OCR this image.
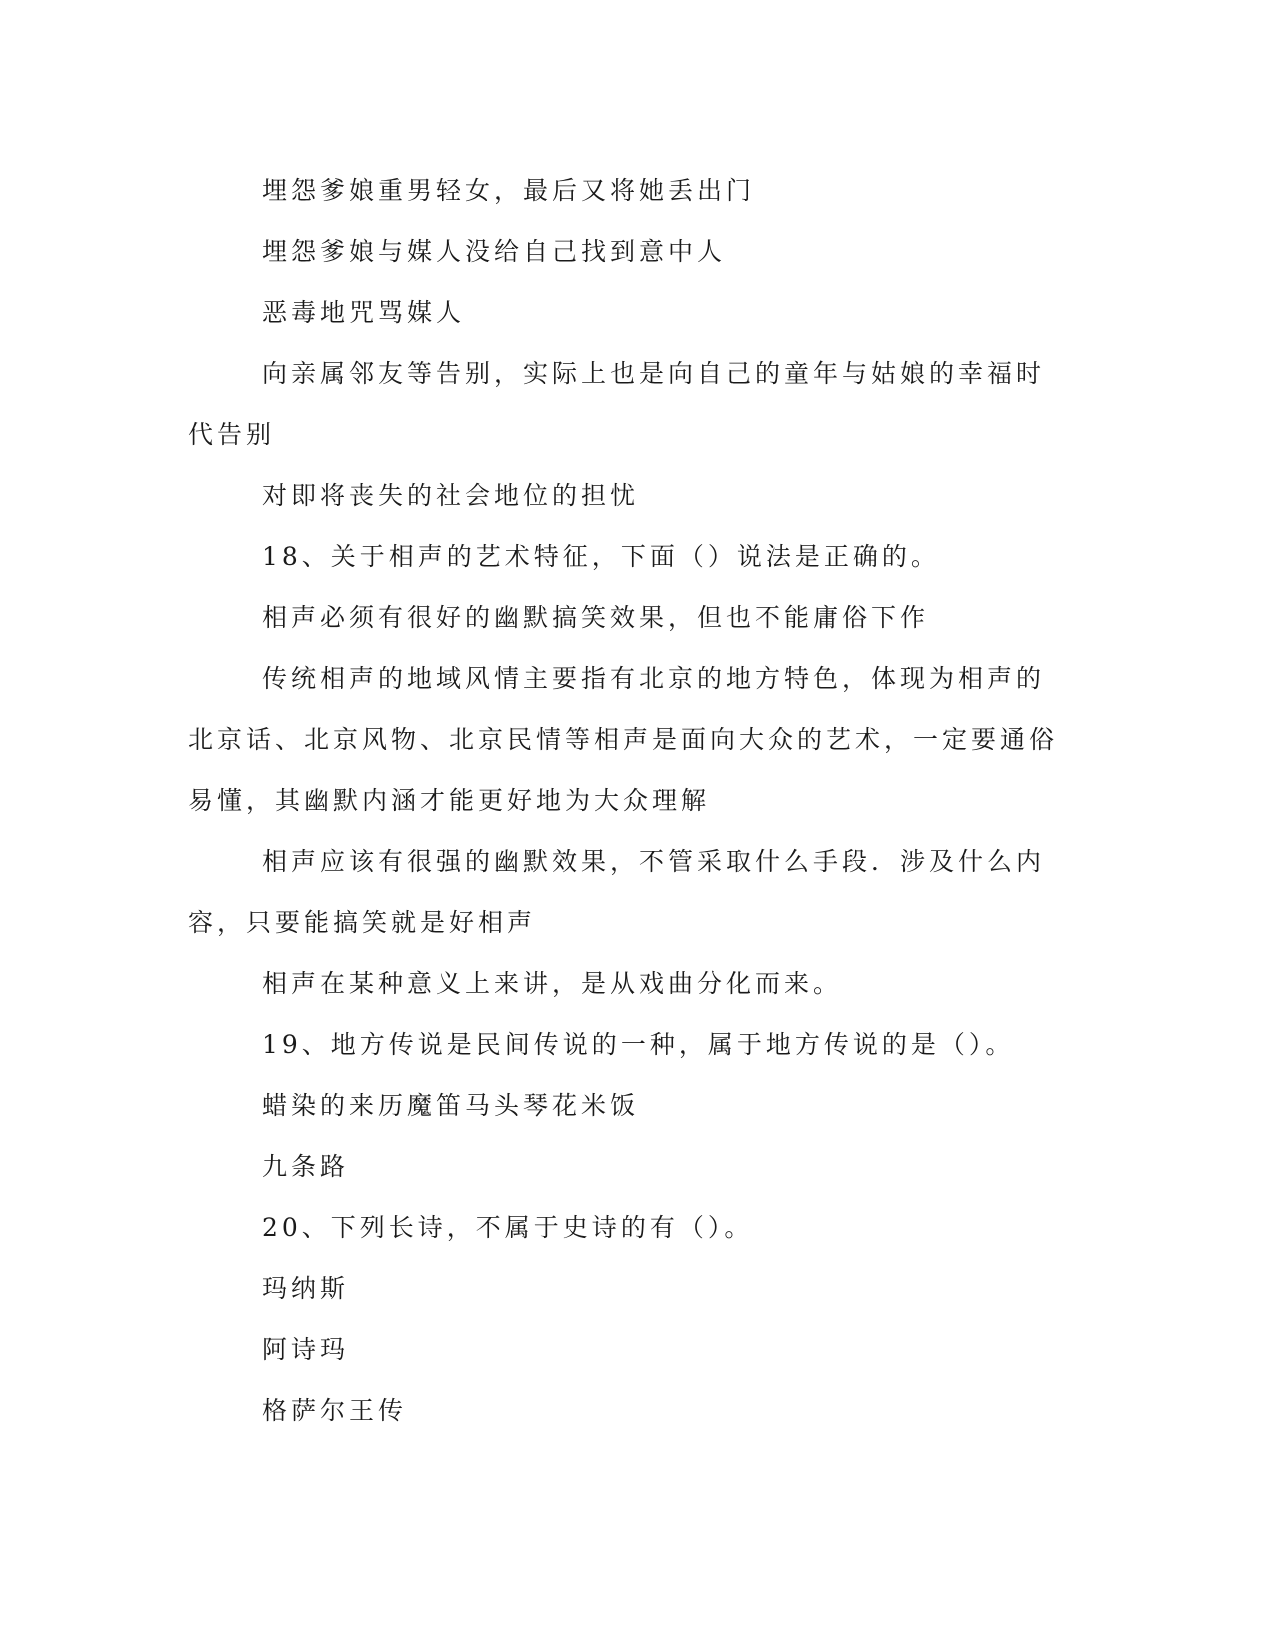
埋怨爹娘重男轻女，最后又将她丢出门

埋怨爹娘与媒人没给自己找到意中人

恶毒地咒骂媒人

向亲属邻友等告别，实际上也是向自己的童年与姑娘的幸福时代告别

对即将丧失的社会地位的担忧

18、关于相声的艺术特征，下面（）说法是正确的。

相声必须有很好的幽默搞笑效果，但也不能庸俗下作

传统相声的地域风情主要指有北京的地方特色，体现为相声的北京话、北京风物、北京民情等相声是面向大众的艺术，一定要通俗易懂，其幽默内涵才能更好地为大众理解

相声应该有很强的幽默效果，不管采取什么手段．涉及什么内容，只要能搞笑就是好相声

相声在某种意义上来讲，是从戏曲分化而来。

19、地方传说是民间传说的一种，属于地方传说的是（）。

蜡染的来历魔笛马头琴花米饭

九条路

20、下列长诗，不属于史诗的有（）。

玛纳斯

阿诗玛

格萨尔王传
